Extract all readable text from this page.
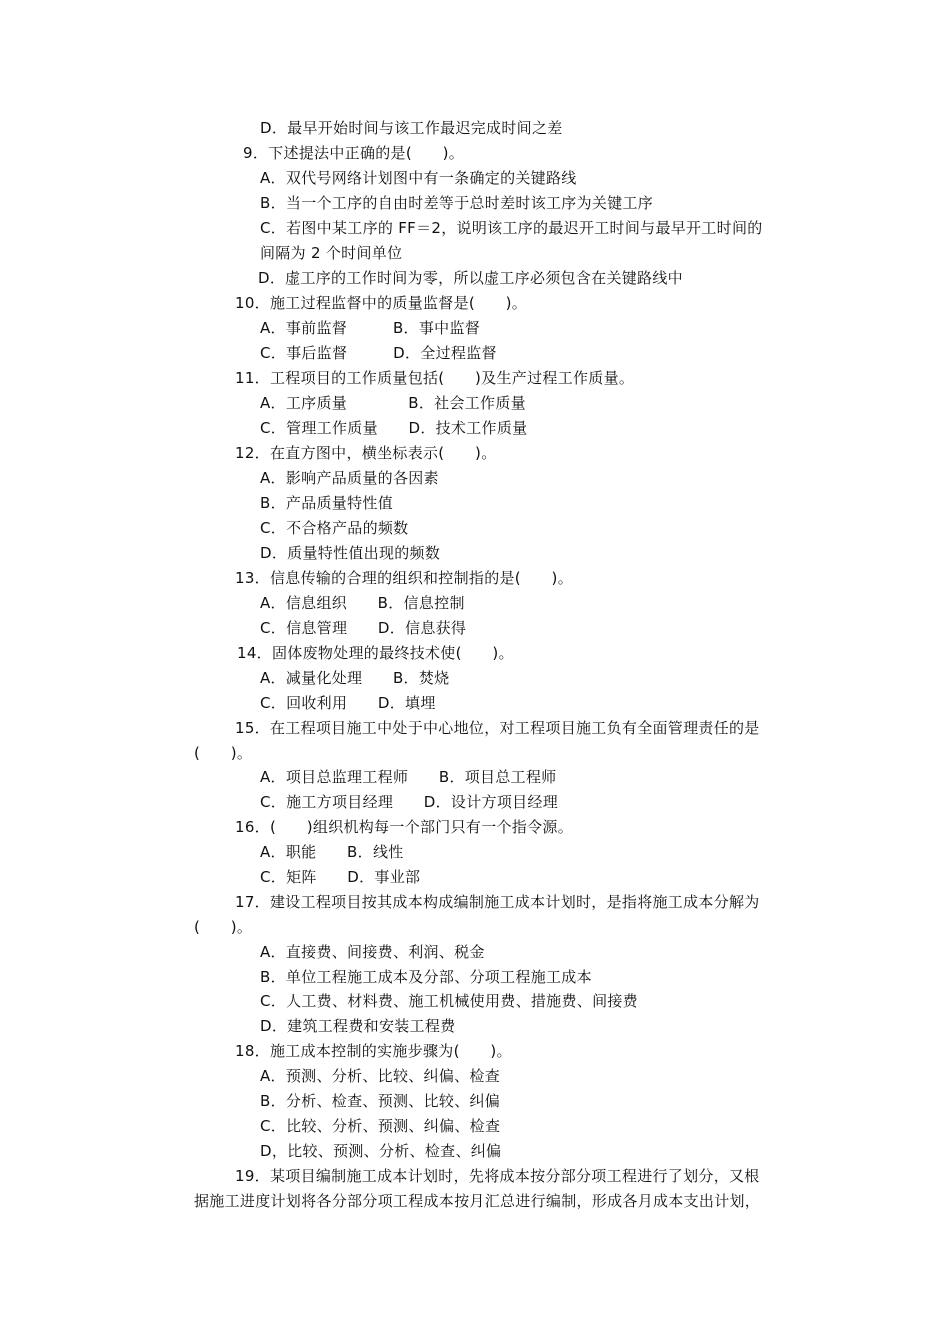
D．最早开始时间与该工作最迟完成时间之差
9．下述提法中正确的是(　　)。
A．双代号网络计划图中有一条确定的关键路线
B．当一个工序的自由时差等于总时差时该工序为关键工序
C．若图中某工序的 FF＝2，说明该工序的最迟开工时间与最早开工时间的
间隔为 2 个时间单位
D．虚工序的工作时间为零，所以虚工序必须包含在关键路线中
10．施工过程监督中的质量监督是(　　)。
A．事前监督　　　B．事中监督
C．事后监督　　　D．全过程监督
11．工程项目的工作质量包括(　　)及生产过程工作质量。
A．工序质量　　　　B．社会工作质量
C．管理工作质量　　D．技术工作质量
12．在直方图中，横坐标表示(　　)。
A．影响产品质量的各因素
B．产品质量特性值
C．不合格产品的频数
D．质量特性值出现的频数
13．信息传输的合理的组织和控制指的是(　　)。
A．信息组织　　B．信息控制
C．信息管理　　D．信息获得
14．固体废物处理的最终技术使(　　)。
A．减量化处理　　B．焚烧
C．回收利用　　D．填埋
15．在工程项目施工中处于中心地位，对工程项目施工负有全面管理责任的是
(　　)。
A．项目总监理工程师　　B．项目总工程师
C．施工方项目经理　　D．设计方项目经理
16．(　　)组织机构每一个部门只有一个指令源。
A．职能　　B．线性
C．矩阵　　D．事业部
17．建设工程项目按其成本构成编制施工成本计划时，是指将施工成本分解为
(　　)。
A．直接费、间接费、利润、税金
B．单位工程施工成本及分部、分项工程施工成本
C．人工费、材料费、施工机械使用费、措施费、间接费
D．建筑工程费和安装工程费
18．施工成本控制的实施步骤为(　　)。
A．预测、分析、比较、纠偏、检查
B．分析、检查、预测、比较、纠偏
C．比较、分析、预测、纠偏、检查
D，比较、预测、分析、检查、纠偏
19．某项目编制施工成本计划时，先将成本按分部分项工程进行了划分，又根
据施工进度计划将各分部分项工程成本按月汇总进行编制，形成各月成本支出计划，
